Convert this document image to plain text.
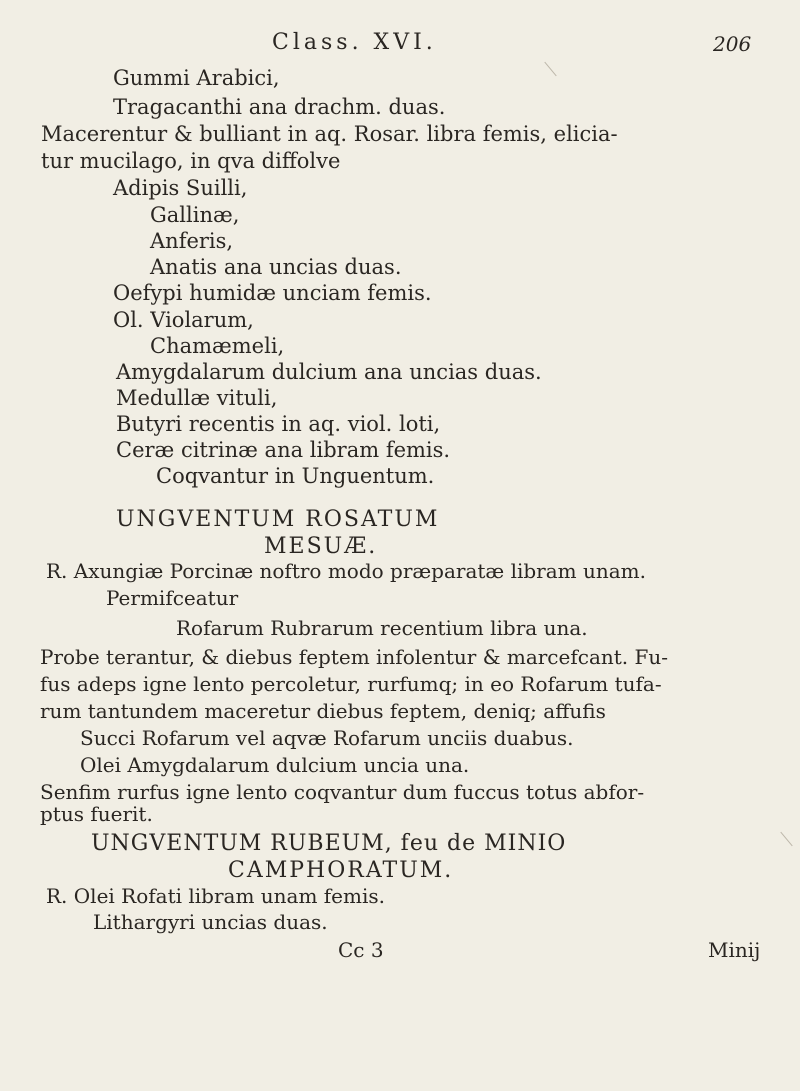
Class. XVI.	206
Gummi Arabici,
Tragacanthi ana drachm. duas.
Macerentur & bulliant in aq. Rosar. libra femis, elicia-
tur mucilago, in qva diffolve
Adipis Suilli,
Gallinæ,
Anferis,
Anatis ana uncias duas.
Oefypi humidæ unciam femis.
Ol. Violarum,
Chamæmeli,
Amygdalarum dulcium ana uncias duas.
Medullæ vituli,
Butyri recentis in aq. viol. loti,
Ceræ citrinæ ana libram femis.
Coqvantur in Unguentum.
UNGVENTUM ROSATUM
MESUÆ.
R. Axungiæ Porcinæ noftro modo præparatæ libram unam.
Permifceatur
Rofarum Rubrarum recentium libra una.
Probe terantur, & diebus feptem infolentur & marcefcant. Fu-
fus adeps igne lento percoletur, rurfumq; in eo Rofarum tufa-
rum tantundem maceretur diebus feptem, deniq; affufis
Succi Rofarum vel aqvæ Rofarum unciis duabus.
Olei Amygdalarum dulcium uncia una.
Senfim rurfus igne lento coqvantur dum fuccus totus abfor-
ptus fuerit.
UNGVENTUM RUBEUM, feu de MINIO
CAMPHORATUM.
R. Olei Rofati libram unam femis.
Lithargyri uncias duas.
Cc 3	Minij
